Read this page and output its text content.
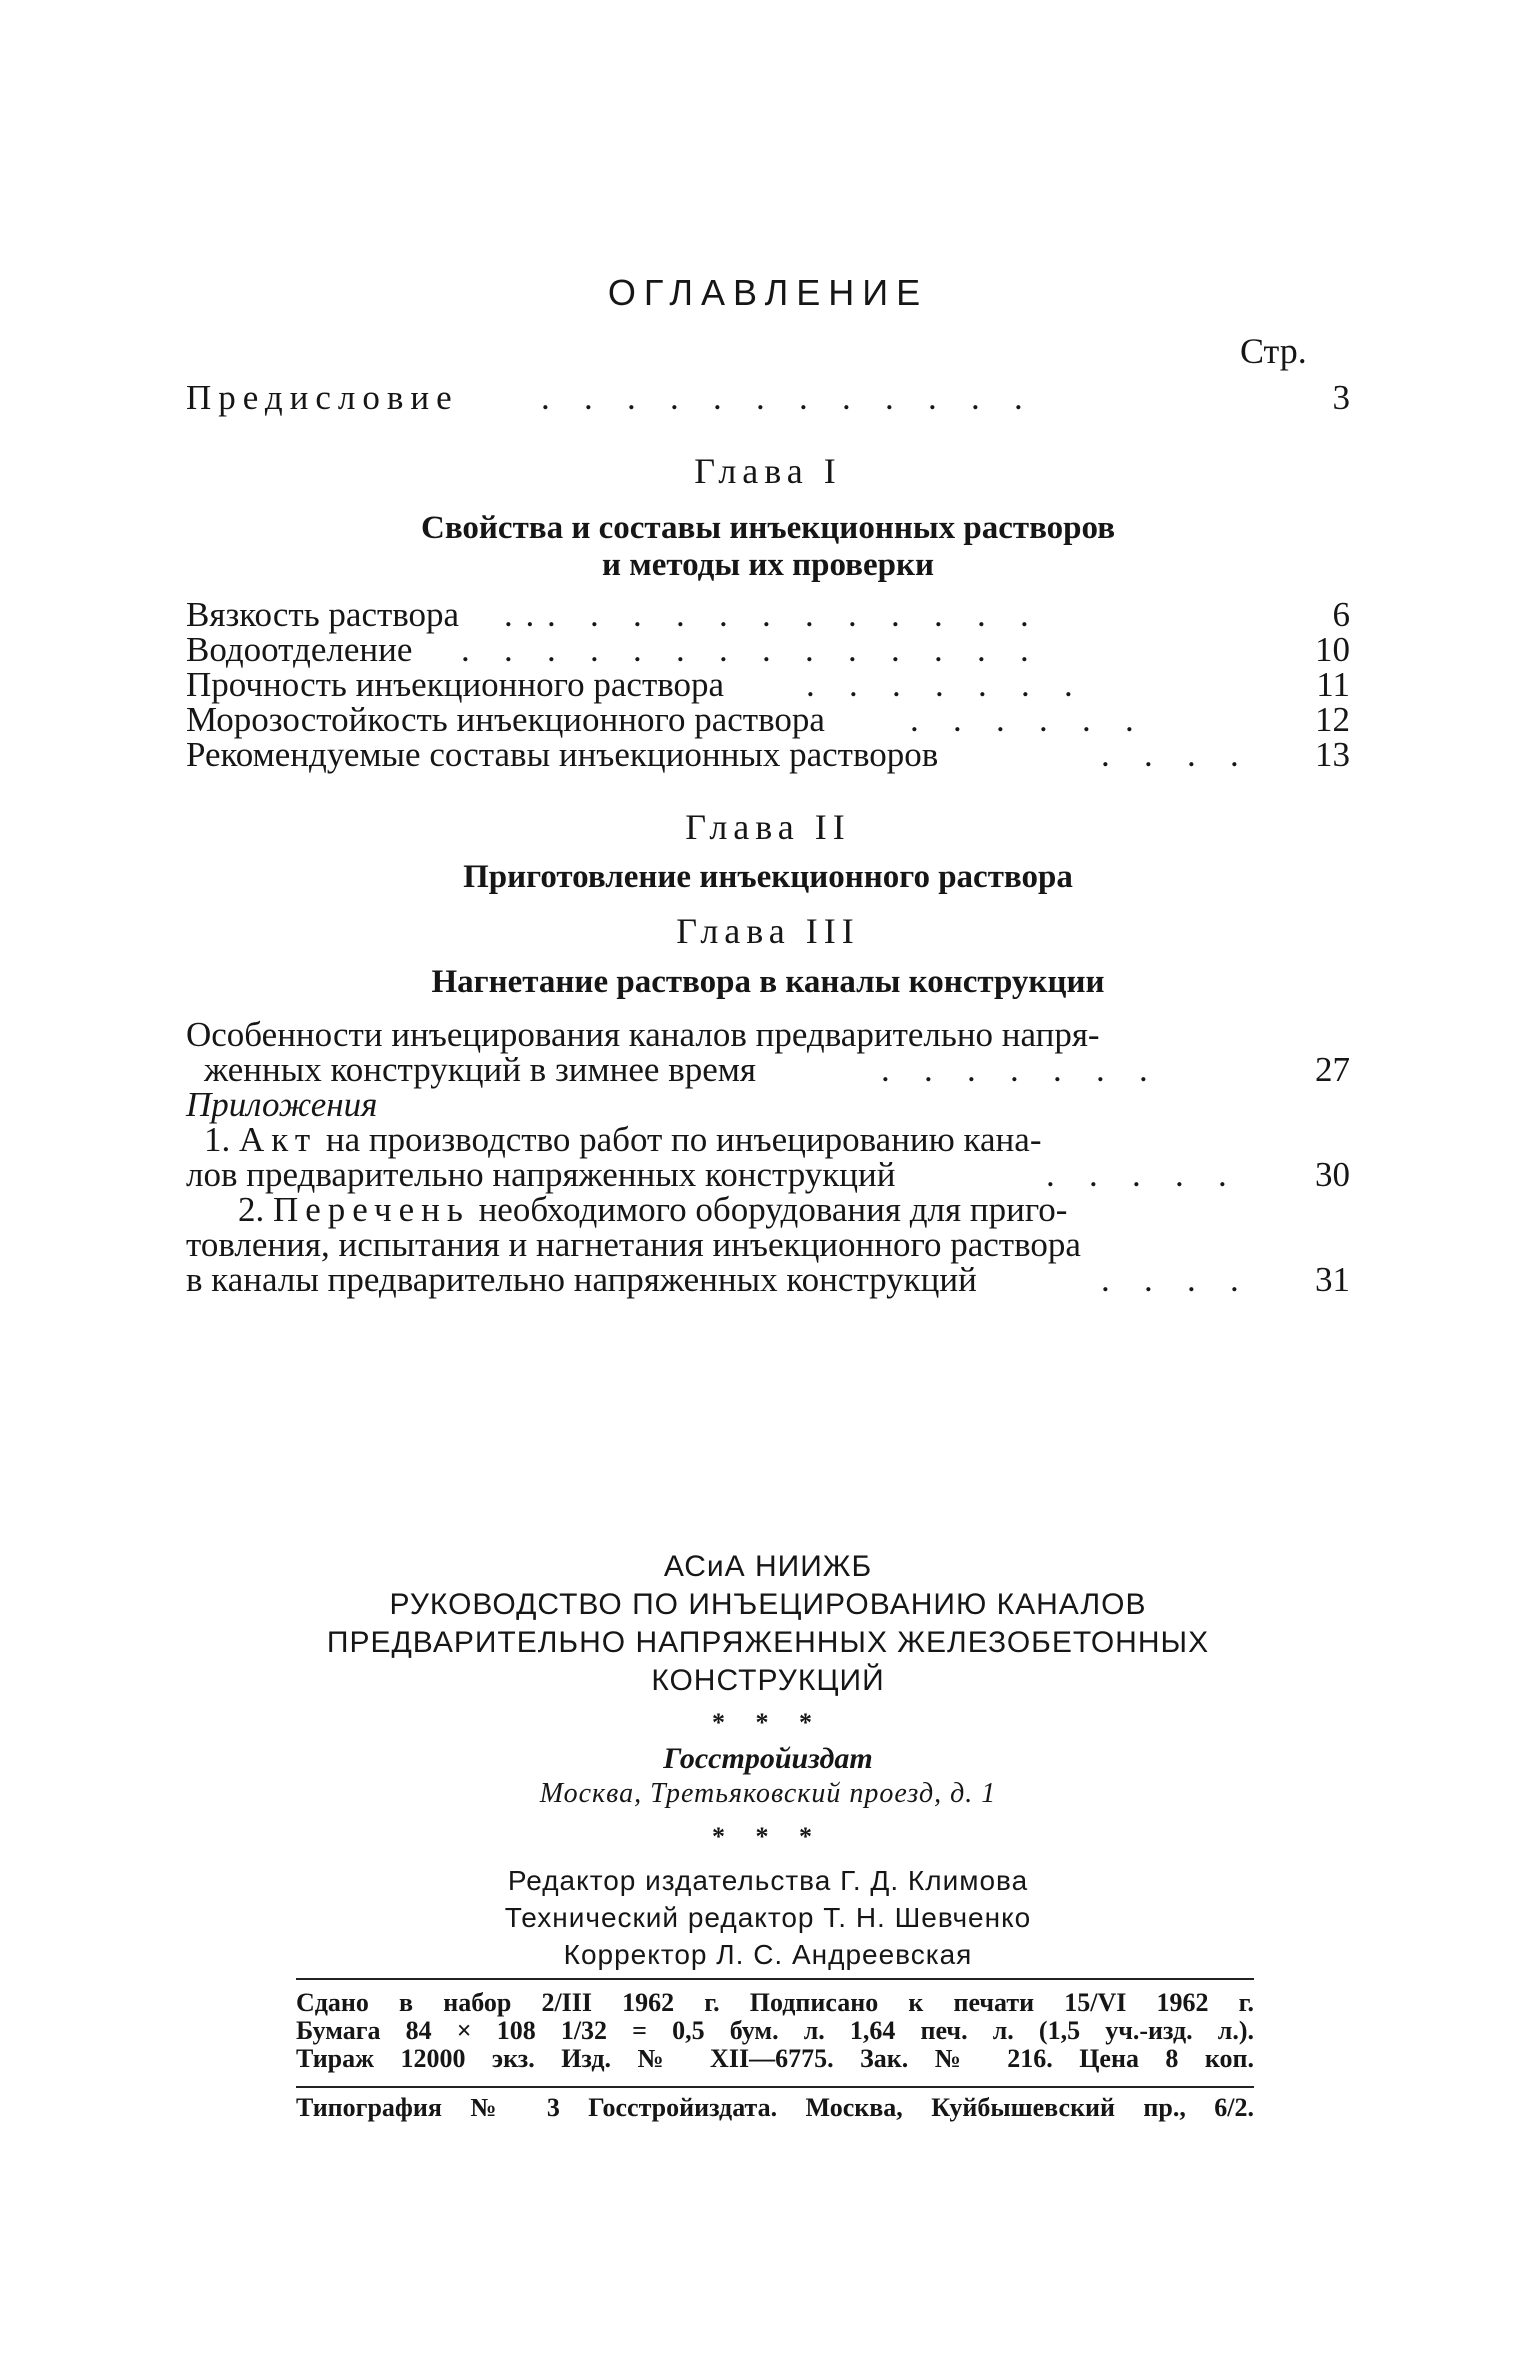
ОГЛАВЛЕНИЕ
Стр.
Предисловие .   .   .   .   .   .   .   .   .   .   .   .	3
Глава I
Свойства и составы инъекционных растворов
и методы их проверки
Вязкость раствора . . .   .   .   .   .   .   .   .   .   .   .   .	6
Водоотделение .   .   .   .   .   .   .   .   .   .   .   .   .   .	10
Прочность инъекционного раствора .   .   .   .   .   .   .	11
Морозостойкость инъекционного раствора .   .   .   .   .   .	12
Рекомендуемые составы инъекционных растворов	.   .   .   . 13
Глава II
Приготовление инъекционного раствора
Глава III
Нагнетание раствора в каналы конструкции
Особенности инъецирования каналов предварительно напря-
женных конструкций в зимнее время	.   .   .   .   .   .   .	27
Приложения
1. Акт на производство работ по инъецированию кана-
лов предварительно напряженных конструкций	.   .   .   .   . 30
2. Перечень необходимого оборудования для приго-
товления, испытания и нагнетания инъекционного раствора
в каналы предварительно напряженных конструкций	.   .   .   . 31
АСиА НИИЖБ
РУКОВОДСТВО ПО ИНЪЕЦИРОВАНИЮ КАНАЛОВ
ПРЕДВАРИТЕЛЬНО НАПРЯЖЕННЫХ ЖЕЛЕЗОБЕТОННЫХ
КОНСТРУКЦИЙ
* * *
Госстройиздат
Москва, Третьяковский проезд, д. 1
* * *
Редактор издательства Г. Д. Климова
Технический редактор Т. Н. Шевченко
Корректор Л. С. Андреевская
Сдано в набор 2/III 1962 г. Подписано к печати 15/VI 1962 г.
Бумага 84 × 108 1/32 = 0,5 бум. л. 1,64 печ. л. (1,5 уч.-изд. л.).
Тираж 12000 экз. Изд. № XII—6775. Зак. № 216. Цена 8 коп.
Типография № 3 Госстройиздата. Москва, Куйбышевский пр., 6/2.
